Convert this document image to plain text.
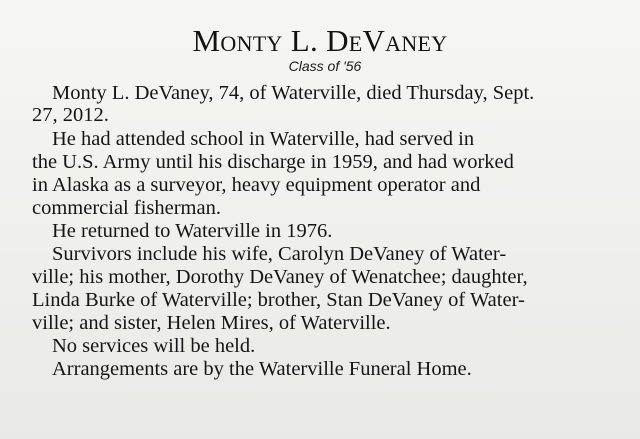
Monty L. DeVaney
Class of '56
Monty L. DeVaney, 74, of Waterville, died Thursday, Sept.
27, 2012.
He had attended school in Waterville, had served in
the U.S. Army until his discharge in 1959, and had worked
in Alaska as a surveyor, heavy equipment operator and
commercial fisherman.
He returned to Waterville in 1976.
Survivors include his wife, Carolyn DeVaney of Water-
ville; his mother, Dorothy DeVaney of Wenatchee; daughter,
Linda Burke of Waterville; brother, Stan DeVaney of Water-
ville; and sister, Helen Mires, of Waterville.
No services will be held.
Arrangements are by the Waterville Funeral Home.
